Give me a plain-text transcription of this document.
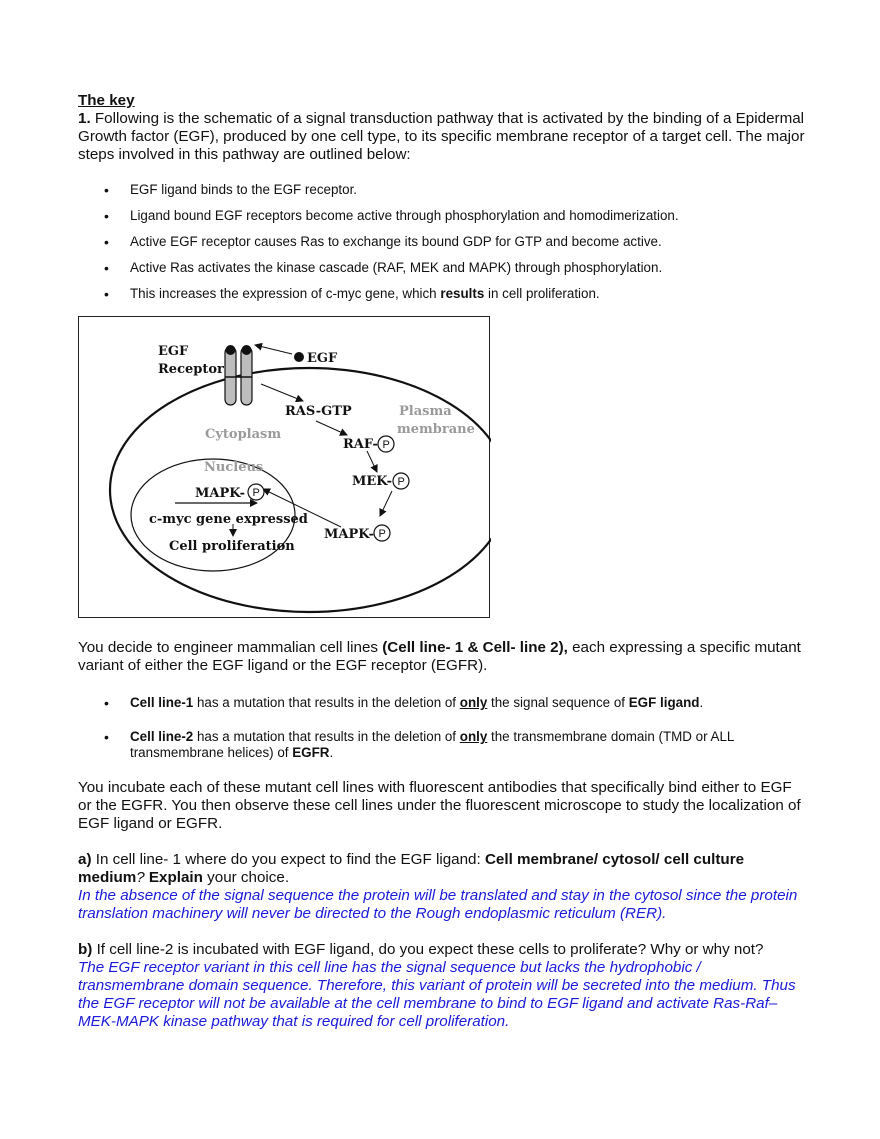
The key

1. Following is the schematic of a signal transduction pathway that is activated by the binding of a Epidermal Growth factor (EGF), produced by one cell type, to its specific membrane receptor of a target cell. The major steps involved in this pathway are outlined below:

• EGF ligand binds to the EGF receptor.
• Ligand bound EGF receptors become active through phosphorylation and homodimerization.
• Active EGF receptor causes Ras to exchange its bound GDP for GTP and become active.
• Active Ras activates the kinase cascade (RAF, MEK and MAPK) through phosphorylation.
• This increases the expression of c-myc gene, which results in cell proliferation.
EGF
Receptor
EGF
RAS-GTP	Plasma
membrane
Cytoplasm
RAF-
Nucleus
MEK-
MAPK-
c-myc gene expressed
MAPK-
Cell proliferation
P
P
P
P

You decide to engineer mammalian cell lines (Cell line- 1 & Cell- line 2), each expressing a specific mutant variant of either the EGF ligand or the EGF receptor (EGFR).

• Cell line-1 has a mutation that results in the deletion of only the signal sequence of EGF ligand.
• Cell line-2 has a mutation that results in the deletion of only the transmembrane domain (TMD or ALL transmembrane helices) of EGFR.

You incubate each of these mutant cell lines with fluorescent antibodies that specifically bind either to EGF or the EGFR. You then observe these cell lines under the fluorescent microscope to study the localization of EGF ligand or EGFR.

a) In cell line- 1 where do you expect to find the EGF ligand: Cell membrane/ cytosol/ cell culture medium? Explain your choice.

In the absence of the signal sequence the protein will be translated and stay in the cytosol since the protein translation machinery will never be directed to the Rough endoplasmic reticulum (RER).

b) If cell line-2 is incubated with EGF ligand, do you expect these cells to proliferate? Why or why not?

The EGF receptor variant in this cell line has the signal sequence but lacks the hydrophobic / transmembrane domain sequence. Therefore, this variant of protein will be secreted into the medium. Thus the EGF receptor will not be available at the cell membrane to bind to EGF ligand and activate Ras-Raf–MEK-MAPK kinase pathway that is required for cell proliferation.
